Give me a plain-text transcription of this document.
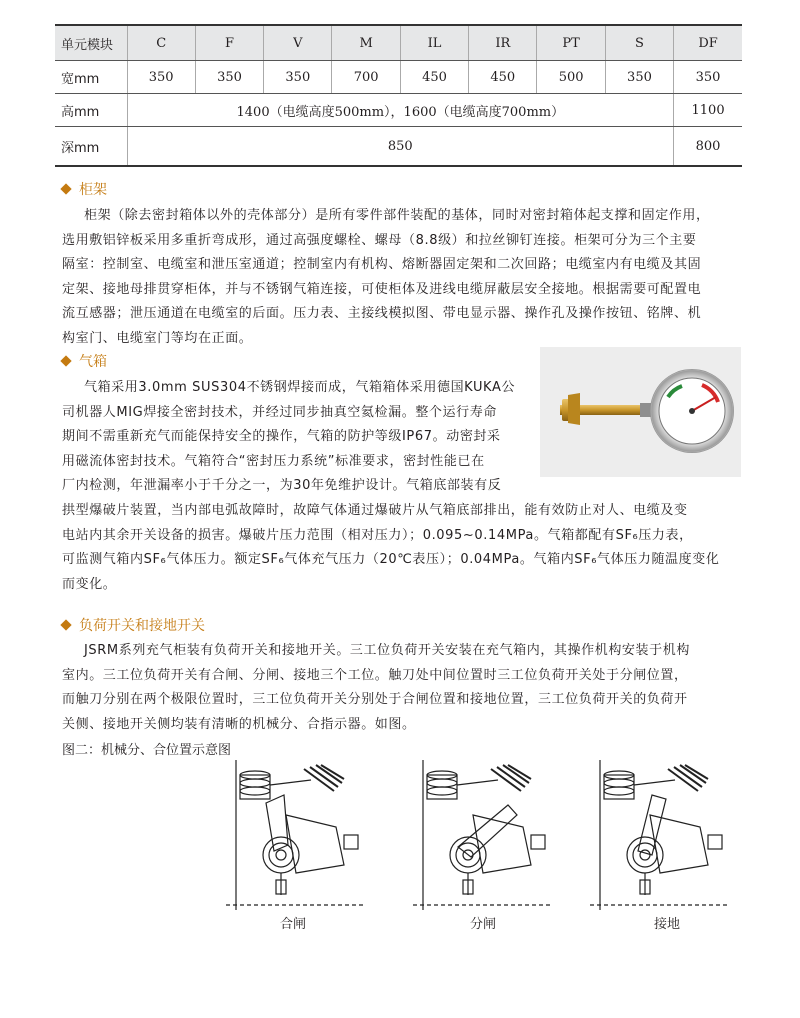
单元模块	C	F	V	M	IL	IR	PT	S	DF
宽mm	350	350	350	700	450	450	500	350	350
高mm	1400（电缆高度500mm），1600（电缆高度700mm）								1100
深mm	850								800
柜架
柜架（除去密封箱体以外的壳体部分）是所有零件部件装配的基体，同时对密封箱体起支撑和固定作用，
选用敷铝锌板采用多重折弯成形，通过高强度螺栓、螺母（8.8级）和拉丝铆钉连接。柜架可分为三个主要
隔室：控制室、电缆室和泄压室通道；控制室内有机构、熔断器固定架和二次回路；电缆室内有电缆及其固
定架、接地母排贯穿柜体，并与不锈钢气箱连接，可使柜体及进线电缆屏蔽层安全接地。根据需要可配置电
流互感器；泄压通道在电缆室的后面。压力表、主接线模拟图、带电显示器、操作孔及操作按钮、铭牌、机
构室门、电缆室门等均在正面。
气箱
气箱采用3.0mm SUS304不锈钢焊接而成，气箱箱体采用德国KUKA公
司机器人MIG焊接全密封技术，并经过同步抽真空氦检漏。整个运行寿命
期间不需重新充气而能保持安全的操作，气箱的防护等级IP67。动密封采
用磁流体密封技术。气箱符合“密封压力系统”标准要求，密封性能已在
厂内检测，年泄漏率小于千分之一，为30年免维护设计。气箱底部装有反
拱型爆破片装置，当内部电弧故障时，故障气体通过爆破片从气箱底部排出，能有效防止对人、电缆及变
电站内其余开关设备的损害。爆破片压力范围（相对压力）；0.095~0.14MPa。气箱都配有SF₆压力表，
可监测气箱内SF₆气体压力。额定SF₆气体充气压力（20℃表压）；0.04MPa。气箱内SF₆气体压力随温度变化
而变化。
负荷开关和接地开关
JSRM系列充气柜装有负荷开关和接地开关。三工位负荷开关安装在充气箱内，其操作机构安装于机构
室内。三工位负荷开关有合闸、分闸、接地三个工位。触刀处中间位置时三工位负荷开关处于分闸位置，
而触刀分别在两个极限位置时，三工位负荷开关分别处于合闸位置和接地位置，三工位负荷开关的负荷开
关侧、接地开关侧均装有清晰的机械分、合指示器。如图。
图二：机械分、合位置示意图
合闸	分闸	接地
